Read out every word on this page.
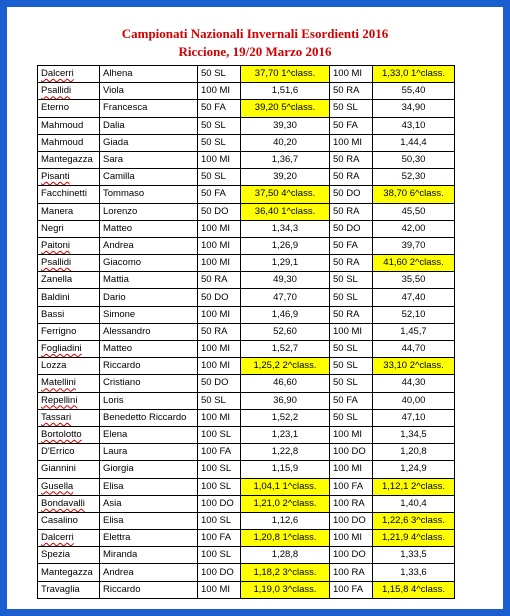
Campionati Nazionali Invernali Esordienti 2016
Riccione, 19/20 Marzo 2016
Dalcerri	Alhena	50 SL	37,70 1^class.	100 MI	1,33,0 1^class.
Psallidi	Viola	100 MI	1,51,6	50 RA	55,40
Eterno	Francesca	50 FA	39,20 5^class.	50 SL	34,90
Mahmoud	Dalia	50 SL	39,30	50 FA	43,10
Mahmoud	Giada	50 SL	40,20	100 MI	1,44,4
Mantegazza	Sara	100 MI	1,36,7	50 RA	50,30
Pisanti	Camilla	50 SL	39,20	50 RA	52,30
Facchinetti	Tommaso	50 FA	37,50 4^class.	50 DO	38,70 6^class.
Manera	Lorenzo	50 DO	36,40 1^class.	50 RA	45,50
Negri	Matteo	100 MI	1,34,3	50 DO	42,00
Paitoni	Andrea	100 MI	1,26,9	50 FA	39,70
Psallidi	Giacomo	100 MI	1,29,1	50 RA	41,60 2^class.
Zanella	Mattia	50 RA	49,30	50 SL	35,50
Baldini	Dario	50 DO	47,70	50 SL	47,40
Bassi	Simone	100 MI	1,46,9	50 RA	52,10
Ferrigno	Alessandro	50 RA	52,60	100 MI	1,45,7
Fogliadini	Matteo	100 MI	1,52,7	50 SL	44,70
Lozza	Riccardo	100 MI	1,25,2 2^class.	50 SL	33,10 2^class.
Matellini	Cristiano	50 DO	46,60	50 SL	44,30
Repellini	Loris	50 SL	36,90	50 FA	40,00
Tassari	Benedetto Riccardo	100 MI	1,52,2	50 SL	47,10
Bortolotto	Elena	100 SL	1,23,1	100 MI	1,34,5
D'Errico	Laura	100 FA	1,22,8	100 DO	1,20,8
Giannini	Giorgia	100 SL	1,15,9	100 MI	1,24,9
Gusella	Elisa	100 SL	1,04,1 1^class.	100 FA	1,12,1 2^class.
Bondavalli	Asia	100 DO	1,21,0 2^class.	100 RA	1,40,4
Casalino	Elisa	100 SL	1,12,6	100 DO	1,22,6 3^class.
Dalcerri	Elettra	100 FA	1,20,8 1^class.	100 MI	1,21,9 4^class.
Spezia	Miranda	100 SL	1,28,8	100 DO	1,33,5
Mantegazza	Andrea	100 DO	1,18,2 3^class.	100 RA	1,33,6
Travaglia	Riccardo	100 MI	1,19,0 3^class.	100 FA	1,15,8 4^class.
